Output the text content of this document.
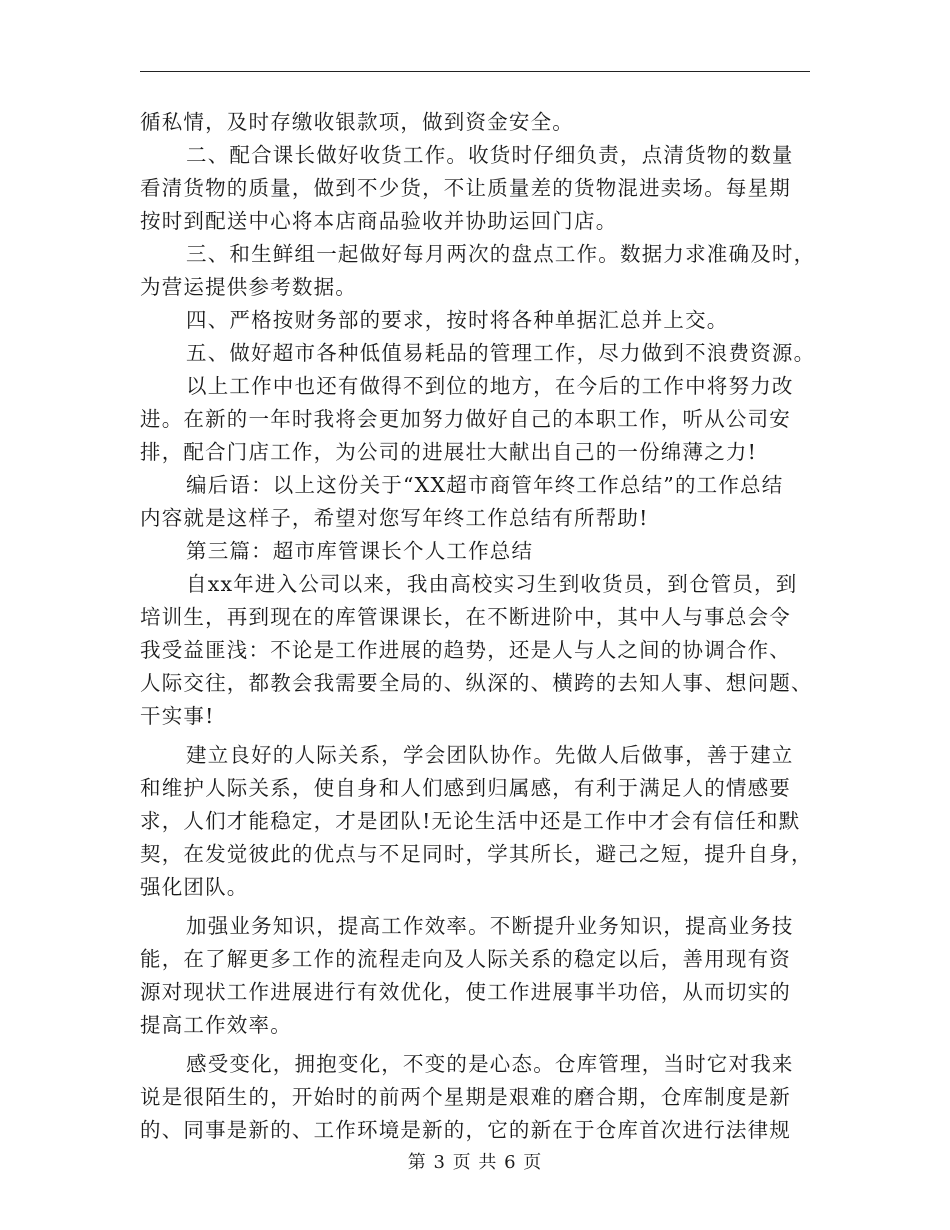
循私情，及时存缴收银款项，做到资金安全。
二、配合课长做好收货工作。收货时仔细负责，点清货物的数量
看清货物的质量，做到不少货，不让质量差的货物混进卖场。每星期
按时到配送中心将本店商品验收并协助运回门店。
三、和生鲜组一起做好每月两次的盘点工作。数据力求准确及时，
为营运提供参考数据。
四、严格按财务部的要求，按时将各种单据汇总并上交。
五、做好超市各种低值易耗品的管理工作，尽力做到不浪费资源。
以上工作中也还有做得不到位的地方，在今后的工作中将努力改
进。在新的一年时我将会更加努力做好自己的本职工作，听从公司安
排，配合门店工作，为公司的进展壮大献出自己的一份绵薄之力!
编后语：以上这份关于“XX超市商管年终工作总结”的工作总结
内容就是这样子，希望对您写年终工作总结有所帮助!
第三篇：超市库管课长个人工作总结
自xx年进入公司以来，我由高校实习生到收货员，到仓管员，到
培训生，再到现在的库管课课长，在不断进阶中，其中人与事总会令
我受益匪浅：不论是工作进展的趋势，还是人与人之间的协调合作、
人际交往，都教会我需要全局的、纵深的、横跨的去知人事、想问题、
干实事!
建立良好的人际关系，学会团队协作。先做人后做事，善于建立
和维护人际关系，使自身和人们感到归属感，有利于满足人的情感要
求，人们才能稳定，才是团队!无论生活中还是工作中才会有信任和默
契，在发觉彼此的优点与不足同时，学其所长，避己之短，提升自身，
强化团队。
加强业务知识，提高工作效率。不断提升业务知识，提高业务技
能，在了解更多工作的流程走向及人际关系的稳定以后，善用现有资
源对现状工作进展进行有效优化，使工作进展事半功倍，从而切实的
提高工作效率。
感受变化，拥抱变化，不变的是心态。仓库管理，当时它对我来
说是很陌生的，开始时的前两个星期是艰难的磨合期，仓库制度是新
的、同事是新的、工作环境是新的，它的新在于仓库首次进行法律规
第 3 页 共 6 页
